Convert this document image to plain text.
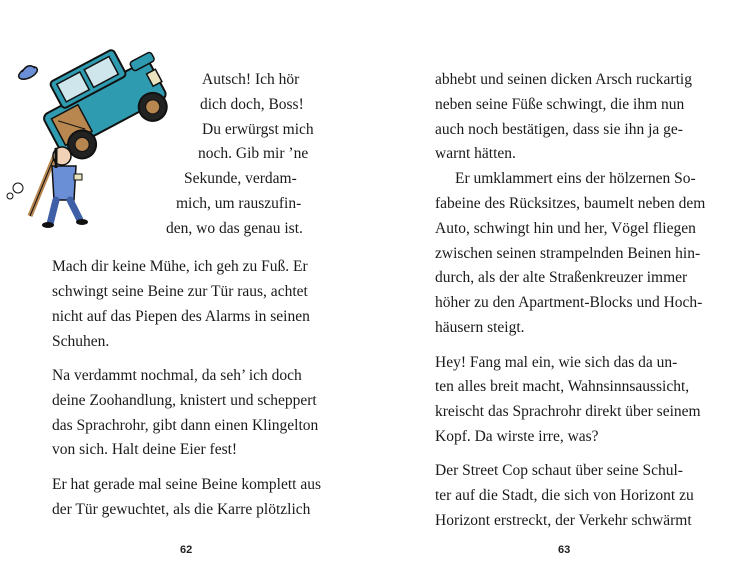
Autsch! Ich hör
dich doch, Boss!
Du erwürgst mich
noch. Gib mir ’ne
Sekunde, verdam-
mich, um rauszufin-
den, wo das genau ist.
Mach dir keine Mühe, ich geh zu Fuß. Er
schwingt seine Beine zur Tür raus, achtet
nicht auf das Piepen des Alarms in seinen
Schuhen.
Na verdammt nochmal, da seh’ ich doch
deine Zoohandlung, knistert und scheppert
das Sprachrohr, gibt dann einen Klingelton
von sich. Halt deine Eier fest!
Er hat gerade mal seine Beine komplett aus
der Tür gewuchtet, als die Karre plötzlich
62
abhebt und seinen dicken Arsch ruckartig
neben seine Füße schwingt, die ihm nun
auch noch bestätigen, dass sie ihn ja ge-
warnt hätten.
Er umklammert eins der hölzernen So-
fabeine des Rücksitzes, baumelt neben dem
Auto, schwingt hin und her, Vögel fliegen
zwischen seinen strampelnden Beinen hin-
durch, als der alte Straßenkreuzer immer
höher zu den Apartment-Blocks und Hoch-
häusern steigt.
Hey! Fang mal ein, wie sich das da un-
ten alles breit macht, Wahnsinnsaussicht,
kreischt das Sprachrohr direkt über seinem
Kopf. Da wirste irre, was?
Der Street Cop schaut über seine Schul-
ter auf die Stadt, die sich von Horizont zu
Horizont erstreckt, der Verkehr schwärmt
63
